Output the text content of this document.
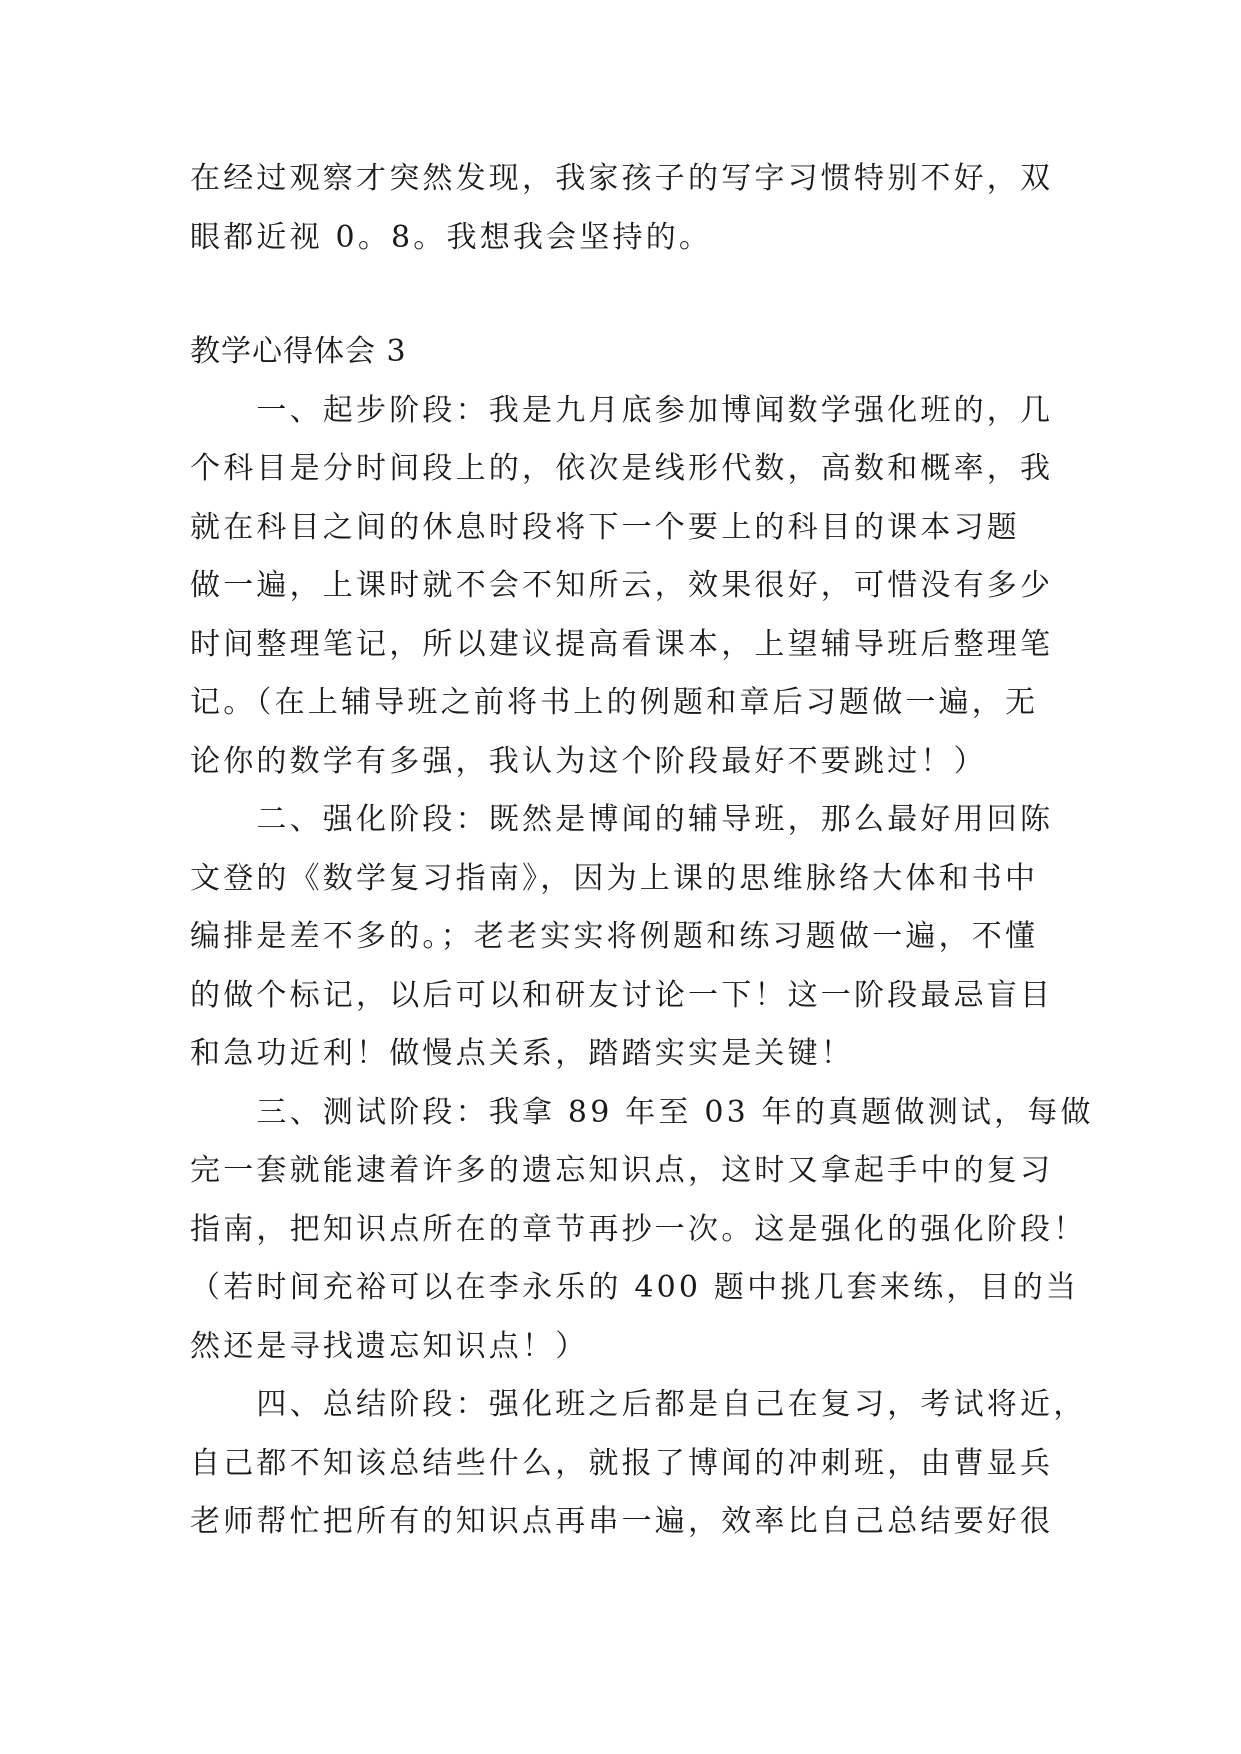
在经过观察才突然发现，我家孩子的写字习惯特别不好，双
眼都近视 0。8。我想我会坚持的。
教学心得体会 3
　　一、起步阶段：我是九月底参加博闻数学强化班的，几
个科目是分时间段上的，依次是线形代数，高数和概率，我
就在科目之间的休息时段将下一个要上的科目的课本习题
做一遍，上课时就不会不知所云，效果很好，可惜没有多少
时间整理笔记，所以建议提高看课本，上望辅导班后整理笔
记。（在上辅导班之前将书上的例题和章后习题做一遍，无
论你的数学有多强，我认为这个阶段最好不要跳过！）
　　二、强化阶段：既然是博闻的辅导班，那么最好用回陈
文登的《数学复习指南》，因为上课的思维脉络大体和书中
编排是差不多的。；老老实实将例题和练习题做一遍，不懂
的做个标记，以后可以和研友讨论一下！这一阶段最忌盲目
和急功近利！做慢点关系，踏踏实实是关键！
　　三、测试阶段：我拿 89 年至 03 年的真题做测试，每做
完一套就能逮着许多的遗忘知识点，这时又拿起手中的复习
指南，把知识点所在的章节再抄一次。这是强化的强化阶段！
（若时间充裕可以在李永乐的 400 题中挑几套来练，目的当
然还是寻找遗忘知识点！）
　　四、总结阶段：强化班之后都是自己在复习，考试将近，
自己都不知该总结些什么，就报了博闻的冲刺班，由曹显兵
老师帮忙把所有的知识点再串一遍，效率比自己总结要好很
